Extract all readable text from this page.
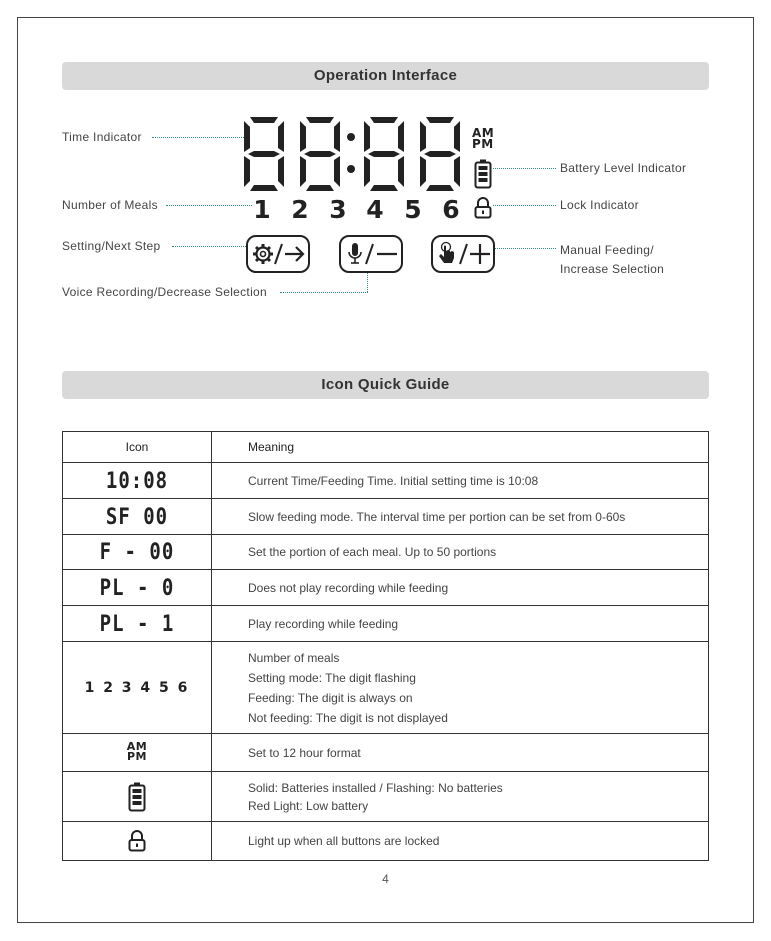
Operation Interface
AM
PM
1 2 3 4 5 6
Time Indicator
Number of Meals
Setting/Next Step
Voice Recording/Decrease Selection
Battery Level Indicator
Lock Indicator
Manual Feeding/
Increase Selection
Icon Quick Guide
Icon	Meaning
10:08	Current Time/Feeding Time. Initial setting time is 10:08
SF 00	Slow feeding mode. The interval time per portion can be set from 0-60s
F - 00	Set the portion of each meal. Up to 50 portions
PL - 0	Does not play recording while feeding
PL - 1	Play recording while feeding
1 2 3 4 5 6	Number of meals
Setting mode: The digit flashing
Feeding: The digit is always on
Not feeding: The digit is not displayed

AM
PM	Set to 12 hour format

Solid: Batteries installed / Flashing: No batteries
Red Light: Low battery

	Light up when all buttons are locked
4
